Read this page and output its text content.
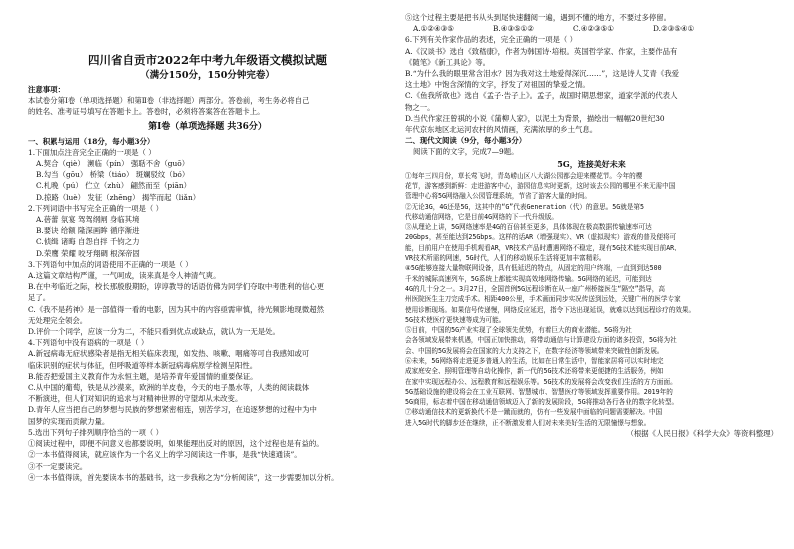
四川省自贡市2022年中考九年级语文模拟试题
（满分150分，150分钟完卷）
注意事项：
本试卷分第Ⅰ卷（单项选择题）和第Ⅱ卷（非选择题）两部分。答卷前，考生务必将自己
的姓名、准考证号填写在答题卡上。答卷时，必须将答案答在答题卡上。
第Ⅰ卷（单项选择题 共36分）
一、积累与运用（18分，每小题3分）
1.下面加点注音完全正确的一项是（ ）
A.契合（qiè） 濒临（pín） 强聒不舍（guō）
B.勾当（gōu） 桥梁（tiáo） 斑斓驳纹（bó）
C.札晚（pú） 伫立（zhù） 翩然而至（piān）
D.掠路（luè） 发征（zhēng） 揭竿而起（liǎn）
2.下列词语中书写完全正确的一项是（ ）
A.蓓蕾 氛宴 驾驾纲闸 身临其境
B.要诀 给额 隆深画眸 循序渐进
C.侦缉 诸晦 自怨自拌 千钧之力
D.荣鹰 荣耀 咬牙翔碉 根深帝固
3.下列语句中加点的词语使用不正确的一项是（ ）
A.这篇文章结构严谨，一气呵成，读来真是令人神清气爽。
B.在中考临近之际，校长那殷殷期盼，谆谆教导的话语仿佛为同学们夺取中考胜利的信心更
足了。
C.《我不是药神》是一部值得一看的电影，因为其中的内容亟需审慎，待光频影地现微超然
无处理完全领会。
D.评价一个同学，应该一分为二，不能只看到优点或缺点，就认为一无是处。
4.下列语句中没有语病的一项是（ ）
A.新冠病毒无症状感染者是指无相关临床表现，如发热、咳嗽、咽痛等可自我感知或可
临床识别的症状与体征，但呼吸道等样本新冠病毒病原学检测呈阳性。
B.能否把爱国主义教育作为永恒主题，是培养青年爱国情的重要保证。
C.从中国的葡萄，铁是从沙漠来，欧洲的羊皮卷，今天的电子墨水等，人类的阅读载体
不断演进，但人们对知识的追求与对精神世界的守望却从未改变。
D.青年人应当把自己的梦想与民族的梦想紧密相连，别苦学习，在追逐梦想的过程中为中
国梦的实现而贡献力量。
5.选出下列句子排列顺序恰当的一项（ ）
①阅读过程中，即便不问意义也都要说明，如果能理出反对的原因，这个过程也是有益的。
②一本书值得阅读，就应该作为一个名义上的学习阅读这一件事，是我“快速通读”。
③不一定要读完。
④一本书值得读，首先要读本书的基础书，这一步我称之为“分析阅读”，这一步需要加以分析。
⑤这个过程主要是把书从头到尾快速翻阅一遍，遇到不懂的地方，不要过多停留。
A.①②④③⑤	B.④③⑤①②	C.④②③⑤①	D.②③⑤④①
6.下列有关作家作品的表述，完全正确的一项是（ ）
A.《汉谈书》选自《致嵇康》，作者为韩国诗·培根。英国哲学家、作家，主要作品有
《随笔》《新工具论》等。
B.“为什么我的眼里常含泪水？因为我对这土地爱得深沉……”，这是诗人艾青《我爱
这土地》中饱含深情的文字，抒发了对祖国的挚爱之情。
C.《鱼我所欲也》选自《孟子·告子上》。孟子，战国时期思想家，道家学派的代表人
物之一。
D.当代作家汪曾祺的小说《蒲柳人家》，以泥土为背景，描绘出一幅幅20世纪30
年代京东地区北运河农村的风情画，充满浓厚的乡土气息。
二、现代文阅读（9分，每小题3分）
阅读下面的文字，完成7—9题。
5G，连接美好未来
①每年三四月份，草长莺飞时，青岛崂山区八大湖公园都会迎来樱花节。今年的樱
花节，游客感到新鲜：走进游客中心，游园信息实时更新，这时该去公园的哪里不来无需中国
管理中心将5G网络融入公园管理系统，节省了游客大量的时间。
②无论3G，4G还是5G，这其中的“G”代表Generation（代）的意思。5G就是第5
代移动通信网络，它是目前4G网络的下一代升级版。
③从理论上讲，5G网络速率是4G的百倍甚至更多，具体体现在极高数据传输速率可达
20Gbps，甚至能达到25Gbps。这样的话AR（增强现实）、VR（虚拟现实）游戏的普及便将可
能，目前用户在使用手机观看AR，VR技术产品时遭遇网络不稳定，现有5G技术能实现目前AR、
VR技术所需的网速，5G时代，人们的移动娱乐生活将更加丰富精彩。
④5G能够连接大量物联网设备，具有低延迟的特点，从固定的用户终端，一直到到达500
千米的城际高速列车，5G系统上都能实现高效地网络传输。5G网络的延迟，可能到达
4G的几十分之一。3月27日，全国首例5G远程诊断在从一座广州桥接医生“隔空”指导，高
州医院医生主刀完成手术。相距400公里，手术画面同步实况传送到远处，关键广州的医学专家
使用诊断现场。如果信号传递慢，网络反应延迟，指令下达出现延误，就难以达到远程诊疗的效果。
5G技术使医疗更快速等成为可能。
⑤目前，中国的5G产业实现了全球领先优势，有着巨大的商业潜能。5G将为社
会各领域发展带来机遇，中国正加快推动，将带动通信与计算建设方面的诸多投资，5G将为社
会、中国的5G发展将会在国家的大力支持之下，在数字经济等领域带来突破性创新发展。
⑥未来，5G网络将走进更多普通人的生活，比如在日常生活中，智能家居将可以实时地完
成家庭安全、照明管理等自动化操作，新一代的5G技术还将带来更便捷的生活服务，例如
在家中实现远程办公、远程教育和远程娱乐等。5G技术的发展将会改变我们生活的方方面面。
5G基础设施的建设将会在工业互联网、智慧城市、智慧医疗等领域发挥重要作用。2019年的
5G商用，标志着中国在移动通信领域迈入了新的发展阶段，5G将推动各行各业的数字化转型。
⑦移动通信技术的更新换代不是一蹴而就的，仿有一些发展中面临的问题需要解决。中国
进入5G时代的脚步还在继续，正不断激发着人们对未来美好生活的无限憧憬与想象。
（根据《人民日报》《科学大众》等资料整理）
